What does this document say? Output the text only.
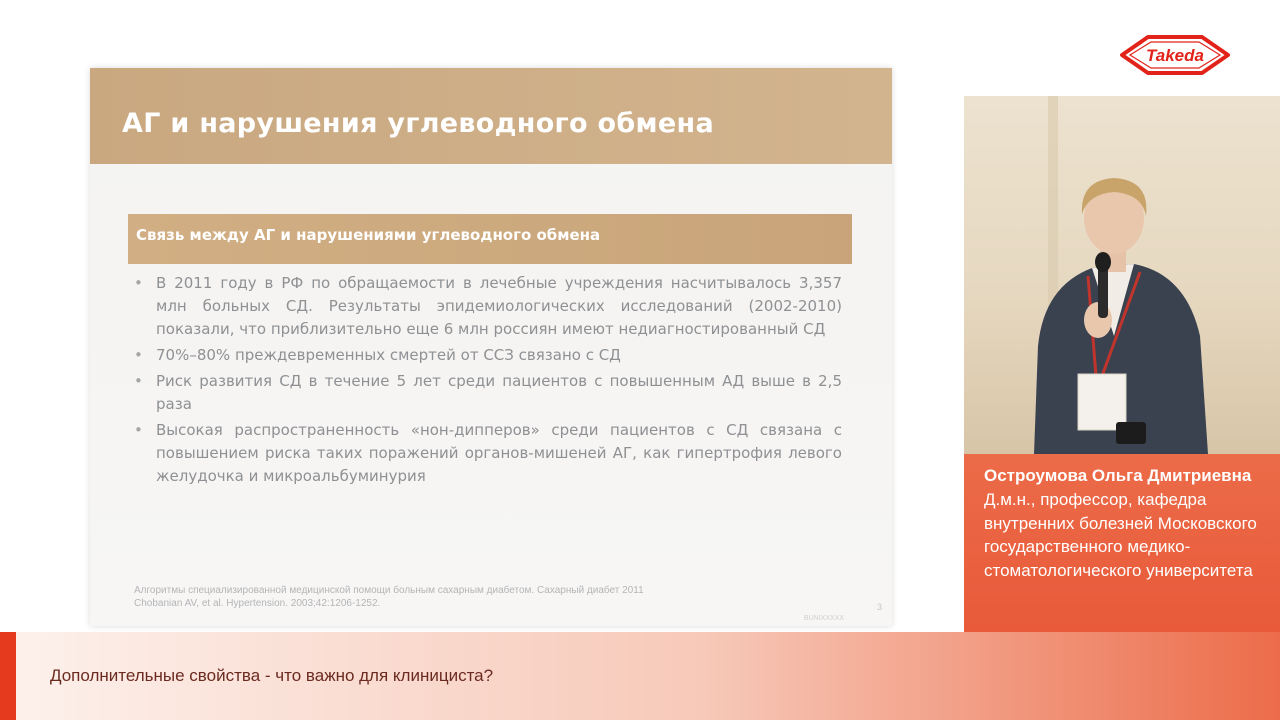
Takeda
АГ и нарушения углеводного обмена
Связь между АГ и нарушениями углеводного обмена
• В 2011 году в РФ по обращаемости в лечебные учреждения насчитывалось 3,357 млн больных СД. Результаты эпидемиологических исследований (2002-2010) показали, что приблизительно еще 6 млн россиян имеют недиагностированный СД
• 70%–80% преждевременных смертей от ССЗ связано с СД
• Риск развития СД в течение 5 лет среди пациентов с повышенным АД выше в 2,5 раза
• Высокая распространенность «нон-дипперов» среди пациентов с СД связана с повышением риска таких поражений органов-мишеней АГ, как гипертрофия левого желудочка и микроальбуминурия
Алгоритмы специализированной медицинской помощи больным сахарным диабетом. Сахарный диабет 2011
Chobanian AV, et al. Hypertension. 2003;42:1206-1252.
BUNIXXXXX
3
Остроумова Ольга Дмитриевна
Д.м.н., профессор, кафедра внутренних болезней Московского государственного медико-стоматологического университета
Дополнительные свойства - что важно для клинициста?
